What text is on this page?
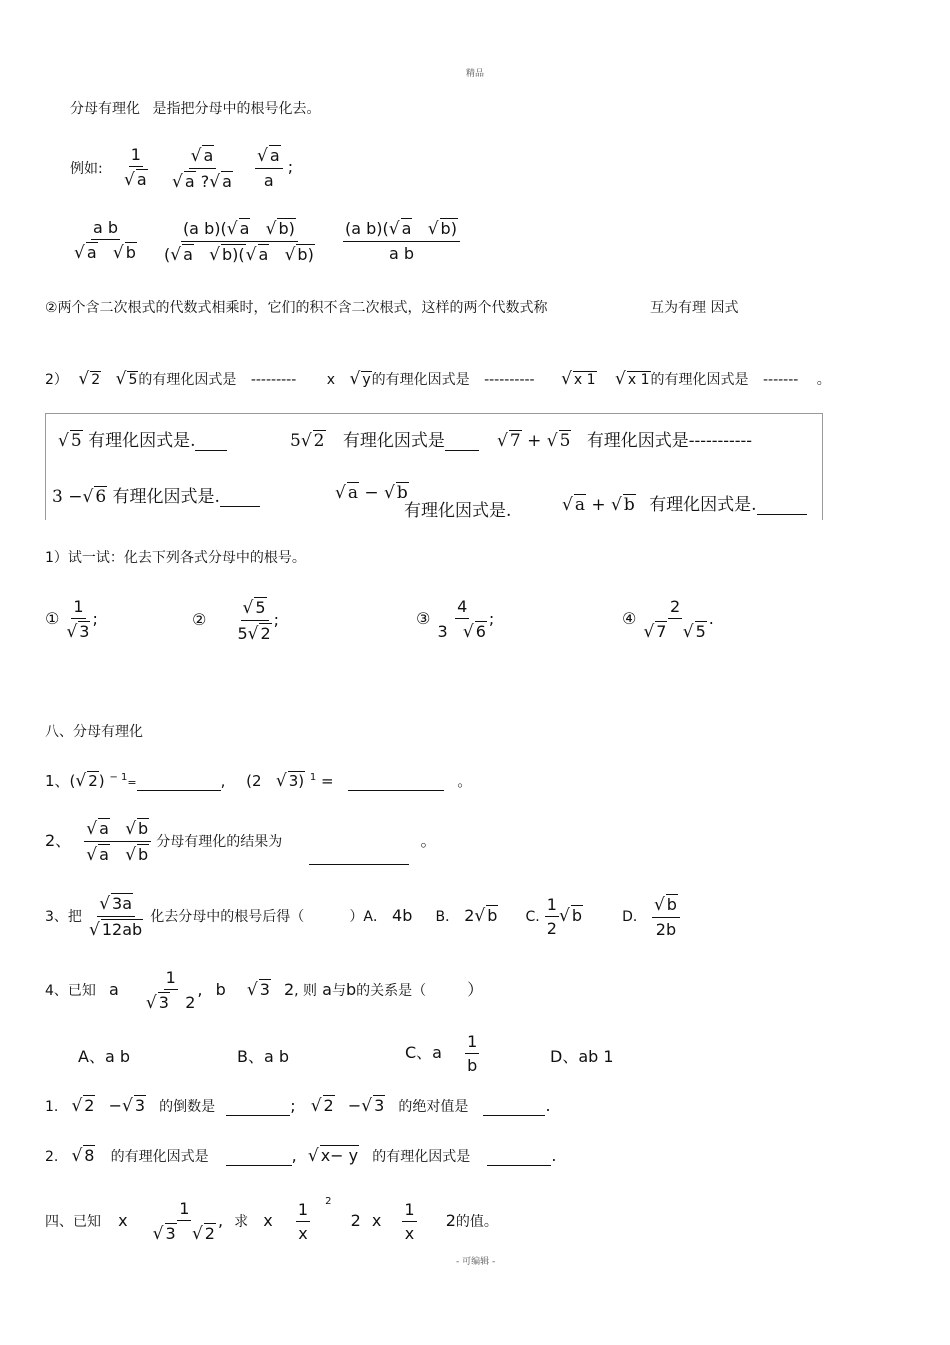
精品
- 可编辑 -
分母有理化 是指把分母中的根号化去。
例如: $\frac{1}{√ a} \frac{√ a}{√ a ?√ a} \frac{√ a}{a}$ ;
$\frac{\text{a b}}{√ a √ b} \frac{\text{(a b)(√ a √ b)}}{(√ a √ b)(√ a √ b)} \frac{\text{(a b)(√ a √ b)}}{\text{a b}}$
②两个含二次根式的代数式相乘时，它们的积不含二次根式，这样的两个代数式称	互为有理 因式
2） √ 2 √ 5的有理化因式是 --------- x √ y的有理化因式是 ---------- √ x 1 √ x 1的有理化因式是 ------- 。
√ 5 有理化因式是.	5√ 2 有理化因式是	√ 7 + √ 5 有理化因式是-----------
3 −√ 6 有理化因式是.	√ a − √ b
有理化因式是.	√ a + √ b 有理化因式是.
1）试一试：化去下列各式分母中的根号。
① $\frac{1}{√ 3}$ ;	② $\frac{√ 5}{5√ 2}$ ;	③ $\frac{4}{3 √ 6}$ ;	④ $\frac{2}{√ 7 √ 5}$ .
八、分母有理化
1、(√ 2) $^{- 1}$=	, (2 √ 3) $^1$ =	。
2、 $\frac{√ a √ b}{√ a √ b}$ 分母有理化的结果为	。
3、把 $\frac{√ 3a}{√ 12ab}$ 化去分母中的根号后得（	）A． 4b B． 2√ b C. $\frac{1}{2}$ √ b	D． $\frac{√ b}{2b}$
4、已知 a $\frac{1}{√ 3 2}$ , b √ 3 2, 则 a与b的关系是（	）
A、a b	B、a b	C、a $\frac{1}{b}$	D、ab 1
1. √ 2 −√ 3 的倒数是	; √ 2 −√ 3 的绝对值是	.
2. √ 8 的有理化因式是	, √ x− y 的有理化因式是	.
四、已知 x $\frac{1}{√ 3 √ 2}$ , 求 x $\frac{1}{x} ^2$ 2 x $\frac{1}{x} 2$的值。
